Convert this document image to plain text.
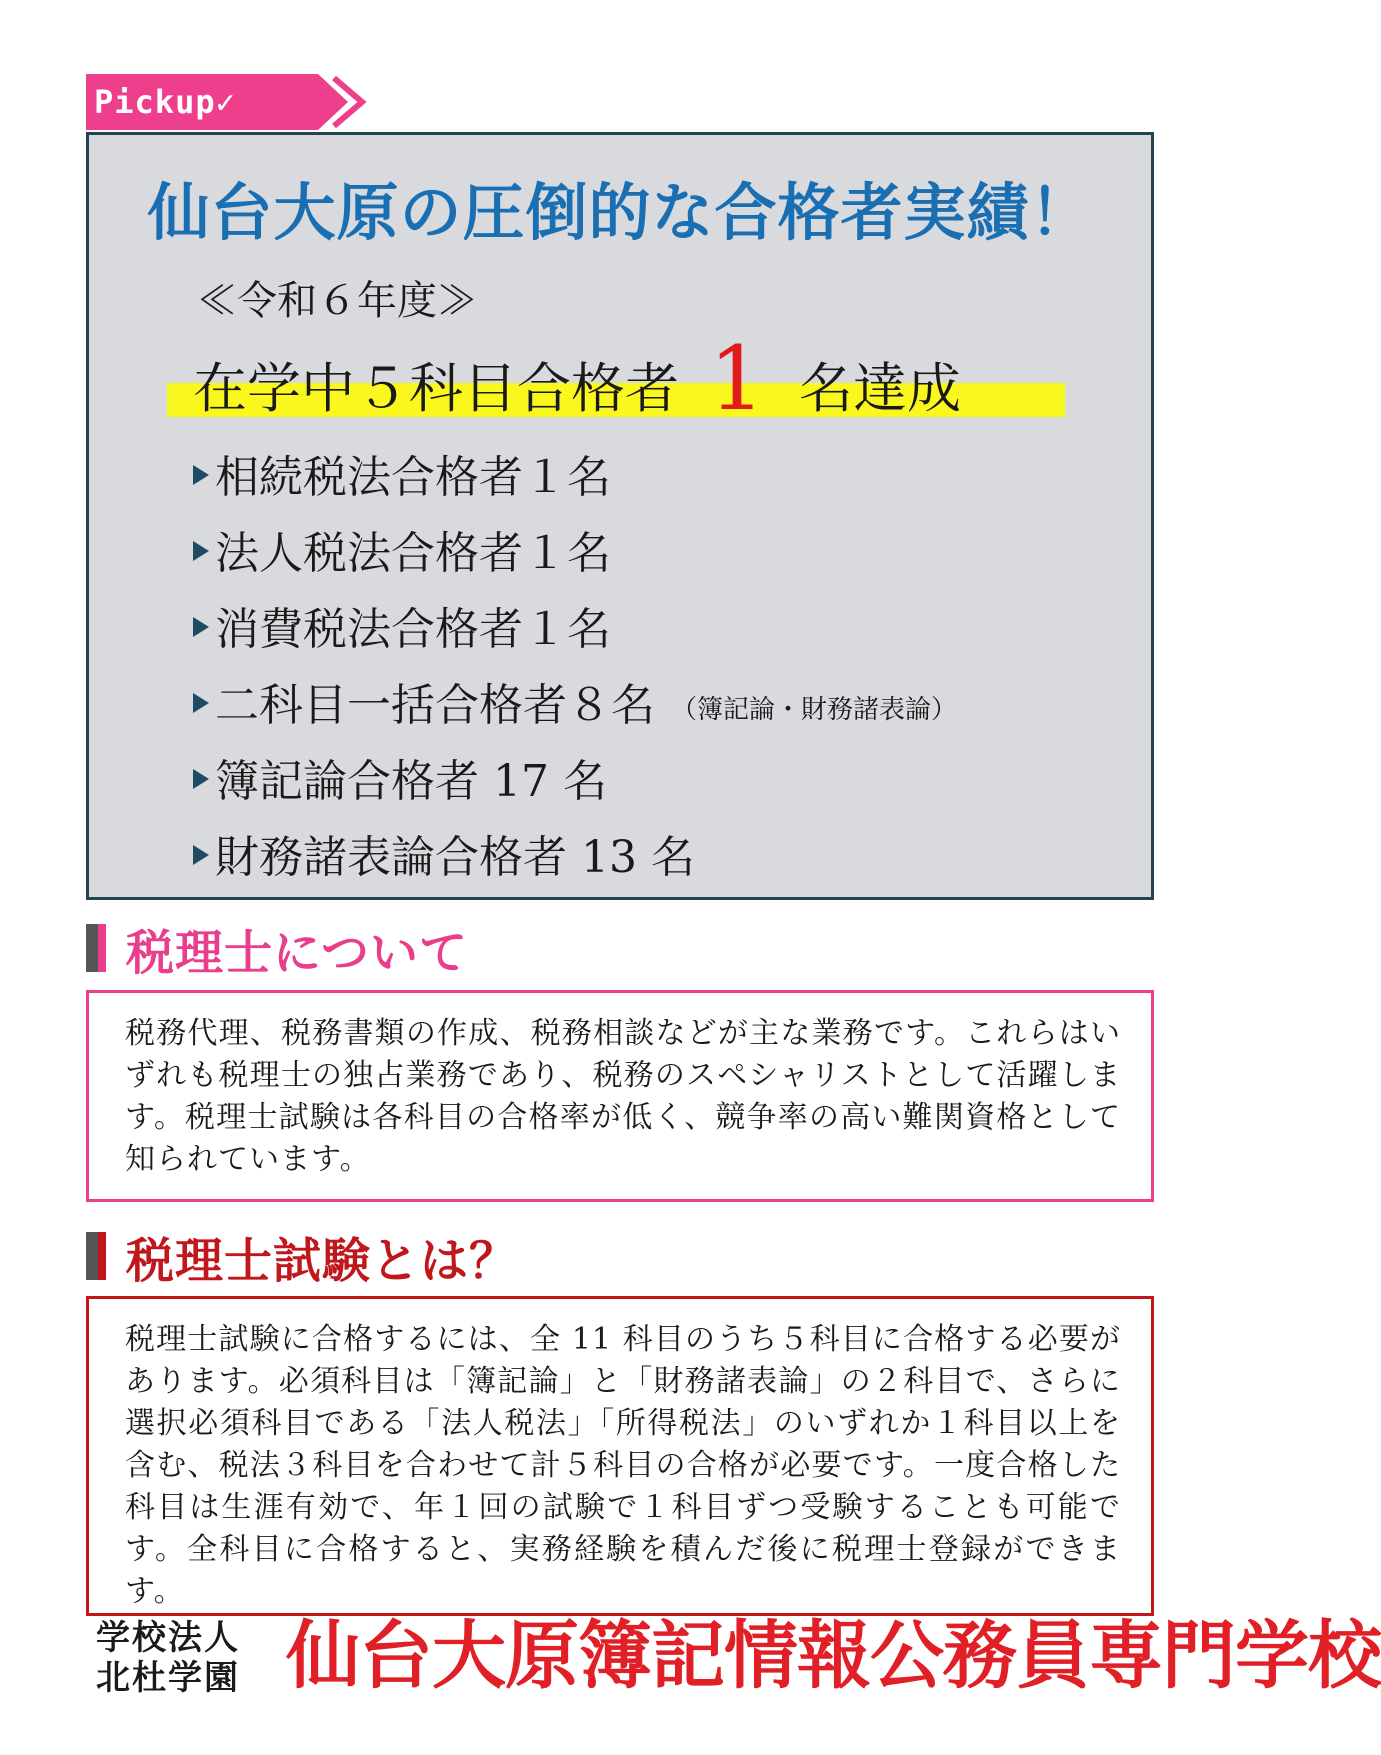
Pickup✓
仙台大原の圧倒的な合格者実績！
≪令和６年度≫
在学中５科目合格者 1 名達成
相続税法合格者１名
法人税法合格者１名
消費税法合格者１名
二科目一括合格者８名 （簿記論・財務諸表論）
簿記論合格者 17 名
財務諸表論合格者 13 名
税理士について

税務代理、税務書類の作成、税務相談などが主な業務です。これらはいずれも税理士の独占業務であり、税務のスペシャリストとして活躍します。税理士試験は各科目の合格率が低く、競争率の高い難関資格として知られています。

税理士試験とは？

税理士試験に合格するには、全 11 科目のうち５科目に合格する必要があります。必須科目は「簿記論」と「財務諸表論」の２科目で、さらに選択必須科目である「法人税法」「所得税法」のいずれか１科目以上を含む、税法３科目を合わせて計５科目の合格が必要です。一度合格した科目は生涯有効で、年１回の試験で１科目ずつ受験することも可能です。全科目に合格すると、実務経験を積んだ後に税理士登録ができます。

学校法人
北杜学園 仙台大原簿記情報公務員専門学校
